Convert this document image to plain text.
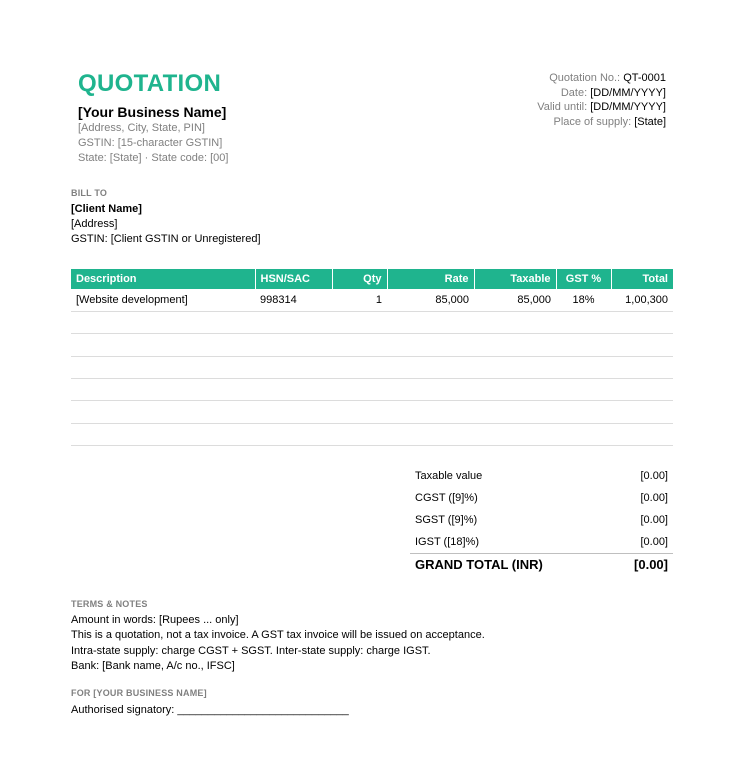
QUOTATION
[Your Business Name]
[Address, City, State, PIN]
GSTIN: [15-character GSTIN]
State: [State] · State code: [00]
Quotation No.: QT-0001
Date: [DD/MM/YYYY]
Valid until: [DD/MM/YYYY]
Place of supply: [State]
BILL TO
[Client Name]
[Address]
GSTIN: [Client GSTIN or Unregistered]
Description	HSN/SAC	Qty	Rate	Taxable	GST %	Total
[Website development]	998314	1	85,000	85,000	18%	1,00,300

Taxable value	[0.00]
CGST ([9]%)	[0.00]
SGST ([9]%)	[0.00]
IGST ([18]%)	[0.00]
GRAND TOTAL (INR)	[0.00]
TERMS & NOTES
Amount in words: [Rupees ... only]
This is a quotation, not a tax invoice. A GST tax invoice will be issued on acceptance.
Intra-state supply: charge CGST + SGST. Inter-state supply: charge IGST.
Bank: [Bank name, A/c no., IFSC]
FOR [YOUR BUSINESS NAME]
Authorised signatory: ____________________________
